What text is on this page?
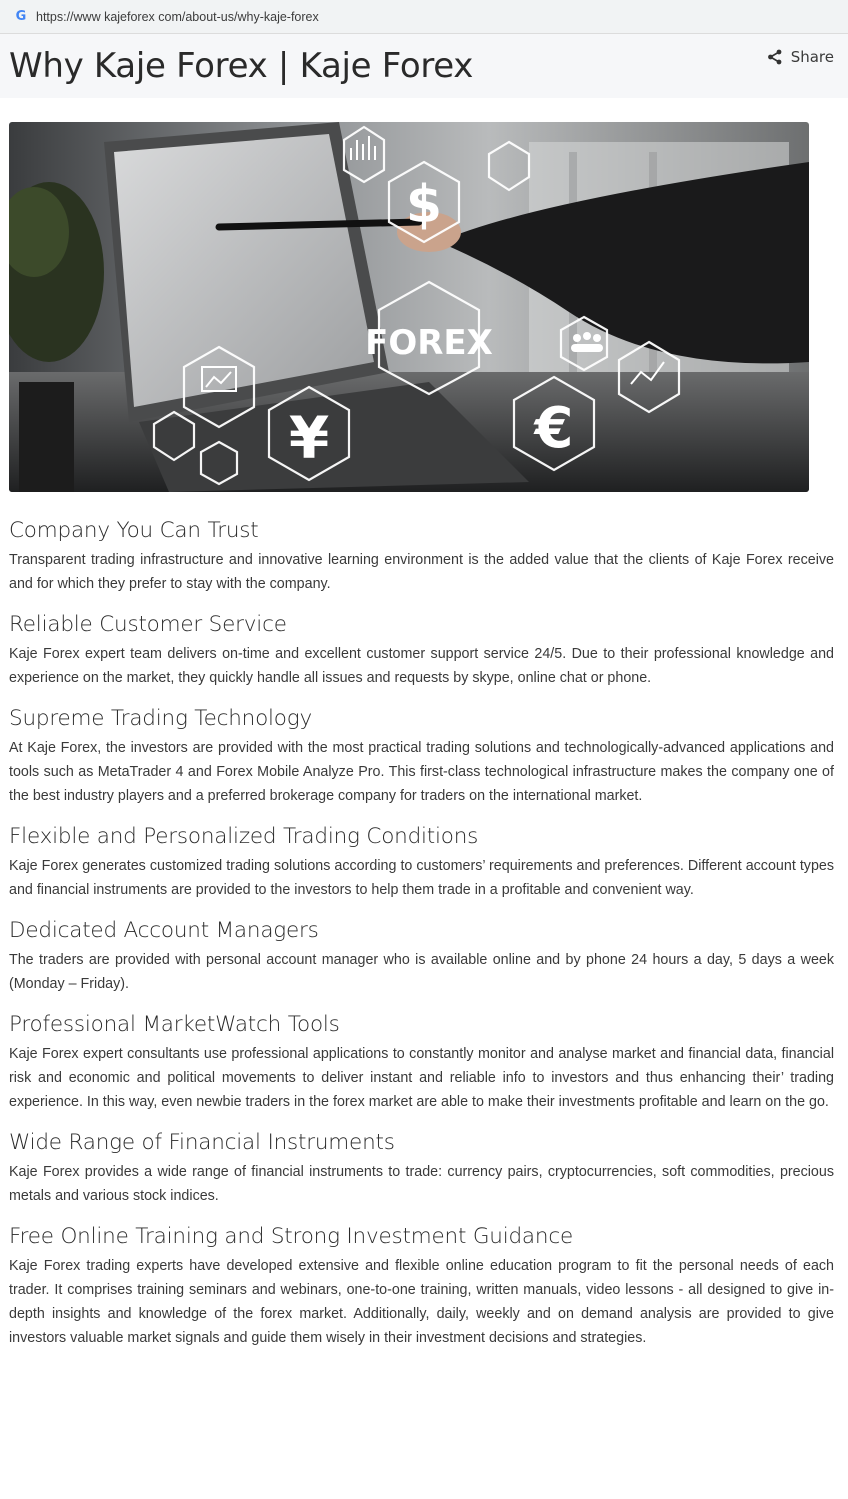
G https://www kajeforex com/about-us/why-kaje-forex
Why Kaje Forex | Kaje Forex	Share
FOREX
$
¥	€
Company You Can Trust

Transparent trading infrastructure and innovative learning environment is the added value that the clients of Kaje Forex receive and for which they prefer to stay with the company.

Reliable Customer Service

Kaje Forex expert team delivers on-time and excellent customer support service 24/5. Due to their professional knowledge and experience on the market, they quickly handle all issues and requests by skype, online chat or phone.

Supreme Trading Technology

At Kaje Forex, the investors are provided with the most practical trading solutions and technologically-advanced applications and tools such as MetaTrader 4 and Forex Mobile Analyze Pro. This first-class technological infrastructure makes the company one of the best industry players and a preferred brokerage company for traders on the international market.

Flexible and Personalized Trading Conditions

Kaje Forex generates customized trading solutions according to customers’ requirements and preferences. Different account types and financial instruments are provided to the investors to help them trade in a profitable and convenient way.

Dedicated Account Managers

The traders are provided with personal account manager who is available online and by phone 24 hours a day, 5 days a week (Monday – Friday).

Professional MarketWatch Tools

Kaje Forex expert consultants use professional applications to constantly monitor and analyse market and financial data, financial risk and economic and political movements to deliver instant and reliable info to investors and thus enhancing their’ trading experience. In this way, even newbie traders in the forex market are able to make their investments profitable and learn on the go.

Wide Range of Financial Instruments

Kaje Forex provides a wide range of financial instruments to trade: currency pairs, cryptocurrencies, soft commodities, precious metals and various stock indices.

Free Online Training and Strong Investment Guidance

Kaje Forex trading experts have developed extensive and flexible online education program to fit the personal needs of each trader. It comprises training seminars and webinars, one-to-one training, written manuals, video lessons - all designed to give in-depth insights and knowledge of the forex market. Additionally, daily, weekly and on demand analysis are provided to give investors valuable market signals and guide them wisely in their investment decisions and strategies.
